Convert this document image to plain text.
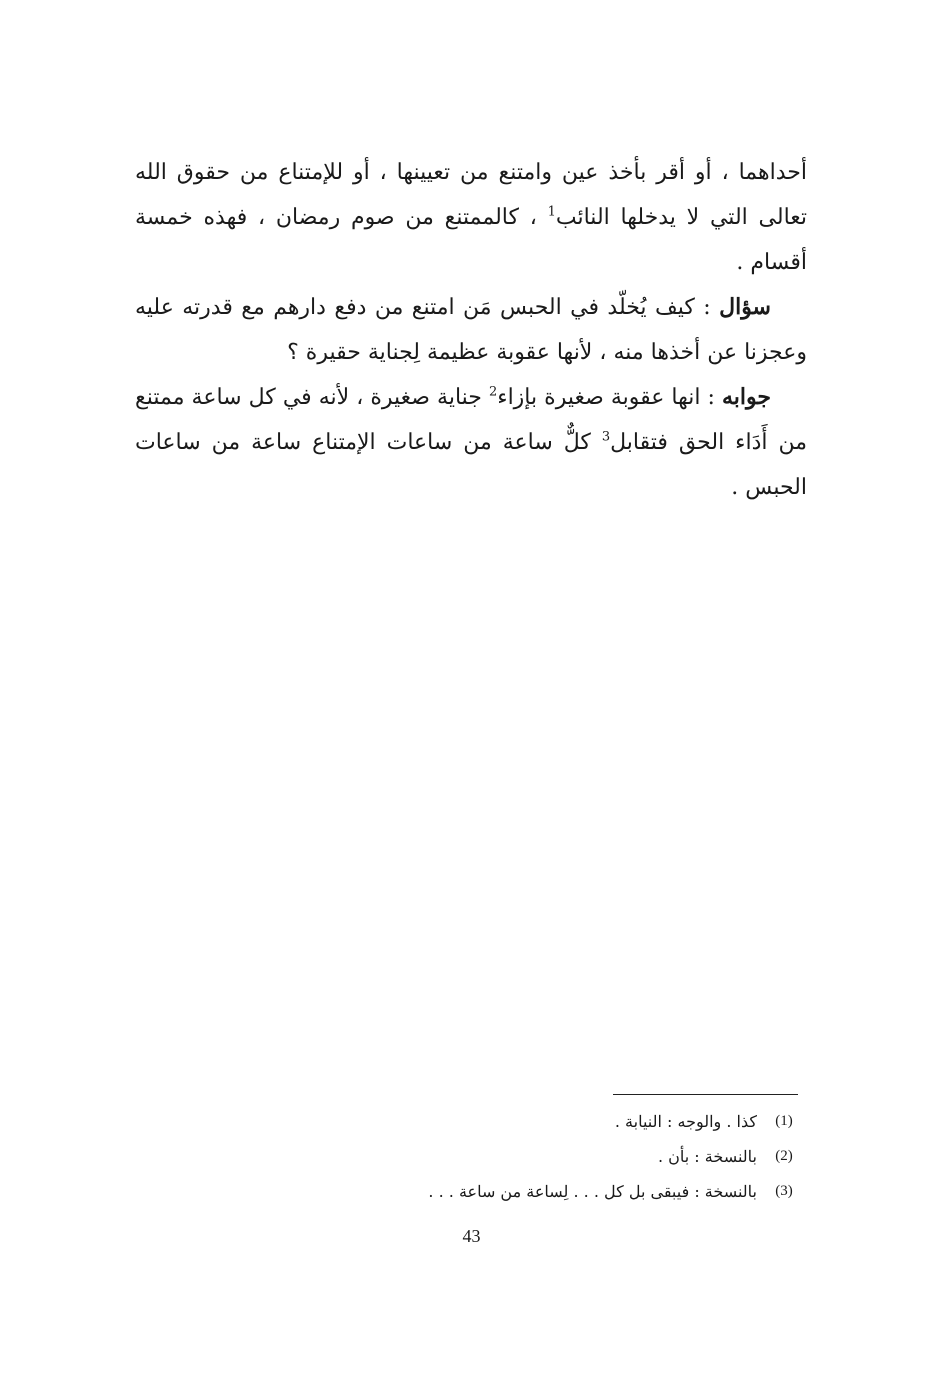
أحداهما ، أو أقر بأخذ عين وامتنع من تعيينها ، أو للإمتناع من حقوق الله تعالى التي لا يدخلها النائب$^1$ ، كالممتنع من صوم رمضان ، فهذه خمسة أقسام .

سؤال : كيف يُخلّد في الحبس مَن امتنع من دفع دارهم مع قدرته عليه وعجزنا عن أخذها منه ، لأنها عقوبة عظيمة لِجناية حقيرة ؟

جوابه : انها عقوبة صغيرة بإزاء$^2$ جناية صغيرة ، لأنه في كل ساعة ممتنع من أَدَاء الحق فتقابل$^3$ كلٌّ ساعة من ساعات الإمتناع ساعة من ساعات الحبس .

(1)
كذا . والوجه : النيابة .
(2)
بالنسخة : بأن .
(3)
بالنسخة : فيبقى بل كل . . . لِساعة من ساعة . . .
43
